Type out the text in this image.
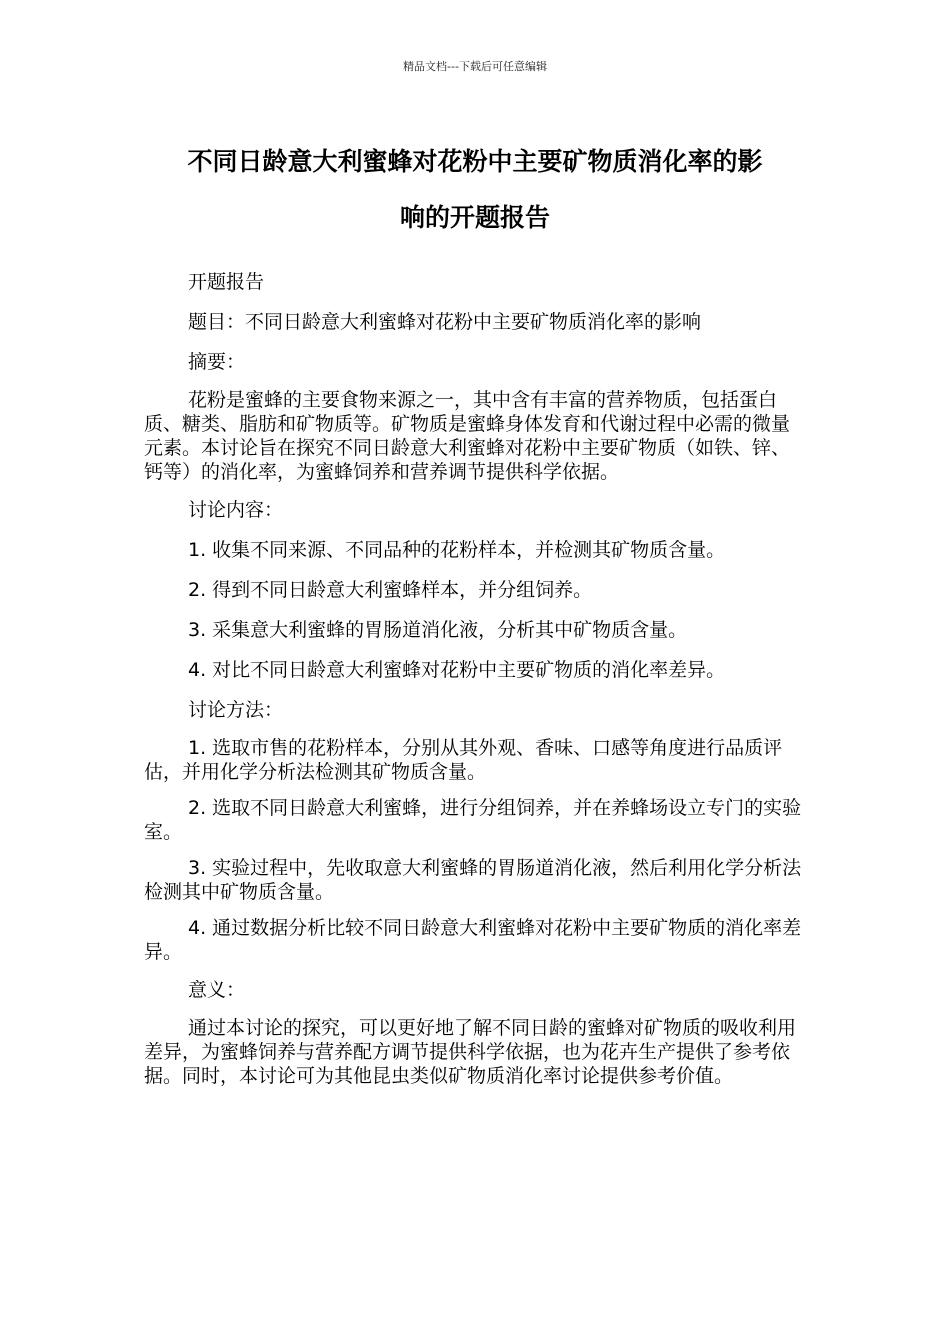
精品文档---下载后可任意编辑
不同日龄意大利蜜蜂对花粉中主要矿物质消化率的影
响的开题报告

开题报告

题目：不同日龄意大利蜜蜂对花粉中主要矿物质消化率的影响

摘要：

花粉是蜜蜂的主要食物来源之一，其中含有丰富的营养物质，包括蛋白质、糖类、脂肪和矿物质等。矿物质是蜜蜂身体发育和代谢过程中必需的微量元素。本讨论旨在探究不同日龄意大利蜜蜂对花粉中主要矿物质（如铁、锌、钙等）的消化率，为蜜蜂饲养和营养调节提供科学依据。

讨论内容：

1. 收集不同来源、不同品种的花粉样本，并检测其矿物质含量。

2. 得到不同日龄意大利蜜蜂样本，并分组饲养。

3. 采集意大利蜜蜂的胃肠道消化液，分析其中矿物质含量。

4. 对比不同日龄意大利蜜蜂对花粉中主要矿物质的消化率差异。

讨论方法：

1. 选取市售的花粉样本，分别从其外观、香味、口感等角度进行品质评估，并用化学分析法检测其矿物质含量。

2. 选取不同日龄意大利蜜蜂，进行分组饲养，并在养蜂场设立专门的实验室。

3. 实验过程中，先收取意大利蜜蜂的胃肠道消化液，然后利用化学分析法检测其中矿物质含量。

4. 通过数据分析比较不同日龄意大利蜜蜂对花粉中主要矿物质的消化率差异。

意义：

通过本讨论的探究，可以更好地了解不同日龄的蜜蜂对矿物质的吸收利用差异，为蜜蜂饲养与营养配方调节提供科学依据，也为花卉生产提供了参考依据。同时，本讨论可为其他昆虫类似矿物质消化率讨论提供参考价值。
